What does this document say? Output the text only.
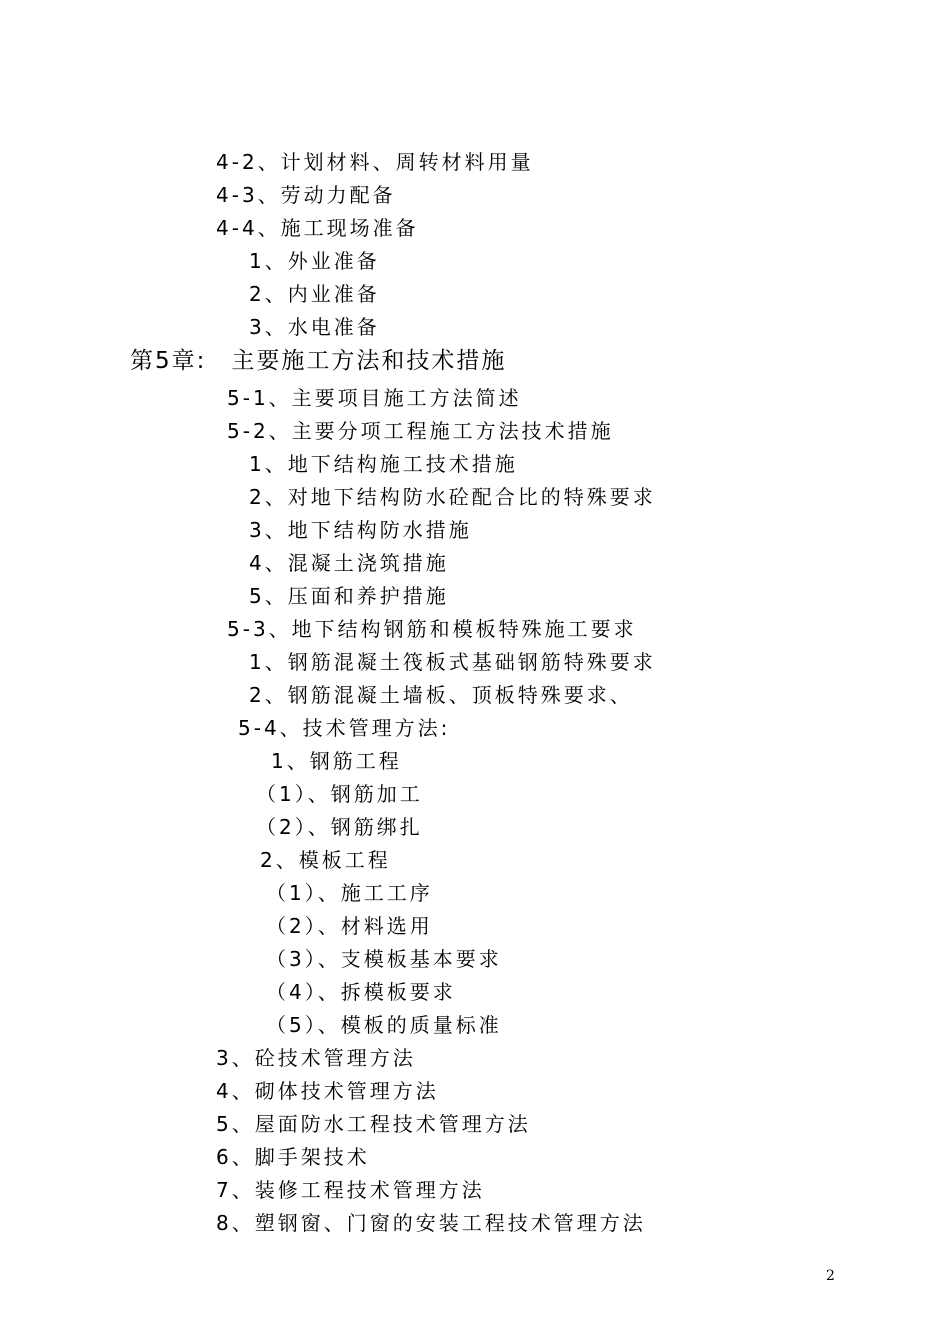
4-2、计划材料、周转材料用量
4-3、劳动力配备
4-4、施工现场准备
1、外业准备
2、内业准备
3、水电准备
第5章:　主要施工方法和技术措施
5-1、主要项目施工方法简述
5-2、主要分项工程施工方法技术措施
1、地下结构施工技术措施
2、对地下结构防水砼配合比的特殊要求
3、地下结构防水措施
4、混凝土浇筑措施
5、压面和养护措施
5-3、地下结构钢筋和模板特殊施工要求
1、钢筋混凝土筏板式基础钢筋特殊要求
2、钢筋混凝土墙板、顶板特殊要求、
5-4、技术管理方法:
1、钢筋工程
（1）、钢筋加工
（2）、钢筋绑扎
2、模板工程
（1）、施工工序
（2）、材料选用
（3）、支模板基本要求
（4）、拆模板要求
（5）、模板的质量标准
3、砼技术管理方法
4、砌体技术管理方法
5、屋面防水工程技术管理方法
6、脚手架技术
7、装修工程技术管理方法
8、塑钢窗、门窗的安装工程技术管理方法
2
